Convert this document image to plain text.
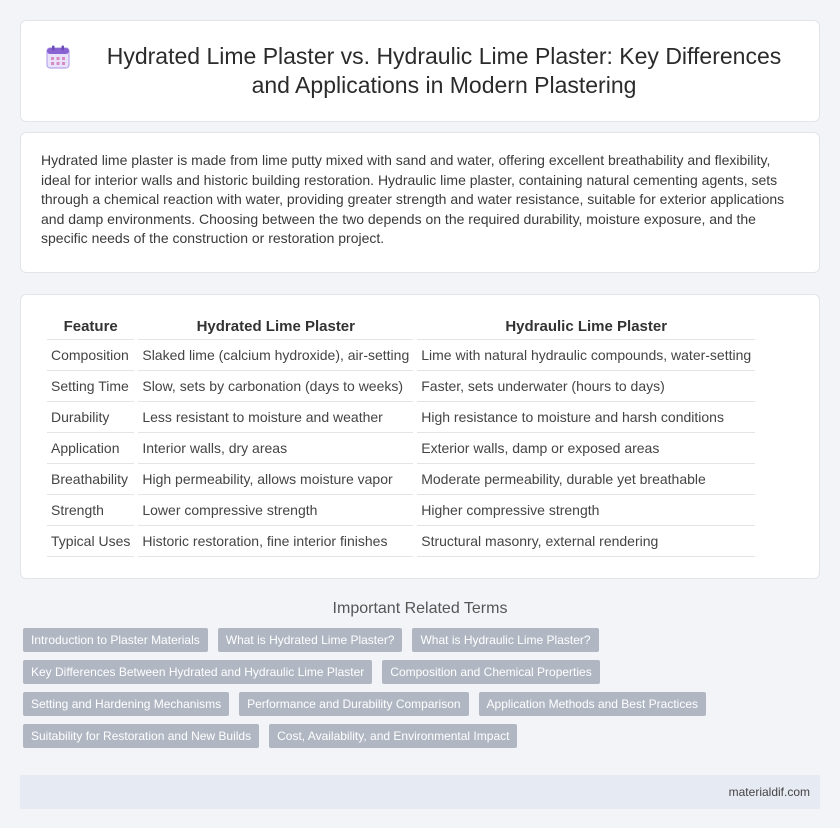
Hydrated Lime Plaster vs. Hydraulic Lime Plaster: Key Differences and Applications in Modern Plastering

Hydrated lime plaster is made from lime putty mixed with sand and water, offering excellent breathability and flexibility, ideal for interior walls and historic building restoration. Hydraulic lime plaster, containing natural cementing agents, sets through a chemical reaction with water, providing greater strength and water resistance, suitable for exterior applications and damp environments. Choosing between the two depends on the required durability, moisture exposure, and the specific needs of the construction or restoration project.

Feature	Hydrated Lime Plaster	Hydraulic Lime Plaster
Composition	Slaked lime (calcium hydroxide), air-setting	Lime with natural hydraulic compounds, water-setting
Setting Time	Slow, sets by carbonation (days to weeks)	Faster, sets underwater (hours to days)
Durability	Less resistant to moisture and weather	High resistance to moisture and harsh conditions
Application	Interior walls, dry areas	Exterior walls, damp or exposed areas
Breathability	High permeability, allows moisture vapor	Moderate permeability, durable yet breathable
Strength	Lower compressive strength	Higher compressive strength
Typical Uses	Historic restoration, fine interior finishes	Structural masonry, external rendering
Important Related Terms
Introduction to Plaster Materials	What is Hydrated Lime Plaster?	What is Hydraulic Lime Plaster?
Key Differences Between Hydrated and Hydraulic Lime Plaster	Composition and Chemical Properties
Setting and Hardening Mechanisms	Performance and Durability Comparison	Application Methods and Best Practices
Suitability for Restoration and New Builds	Cost, Availability, and Environmental Impact
materialdif.com
